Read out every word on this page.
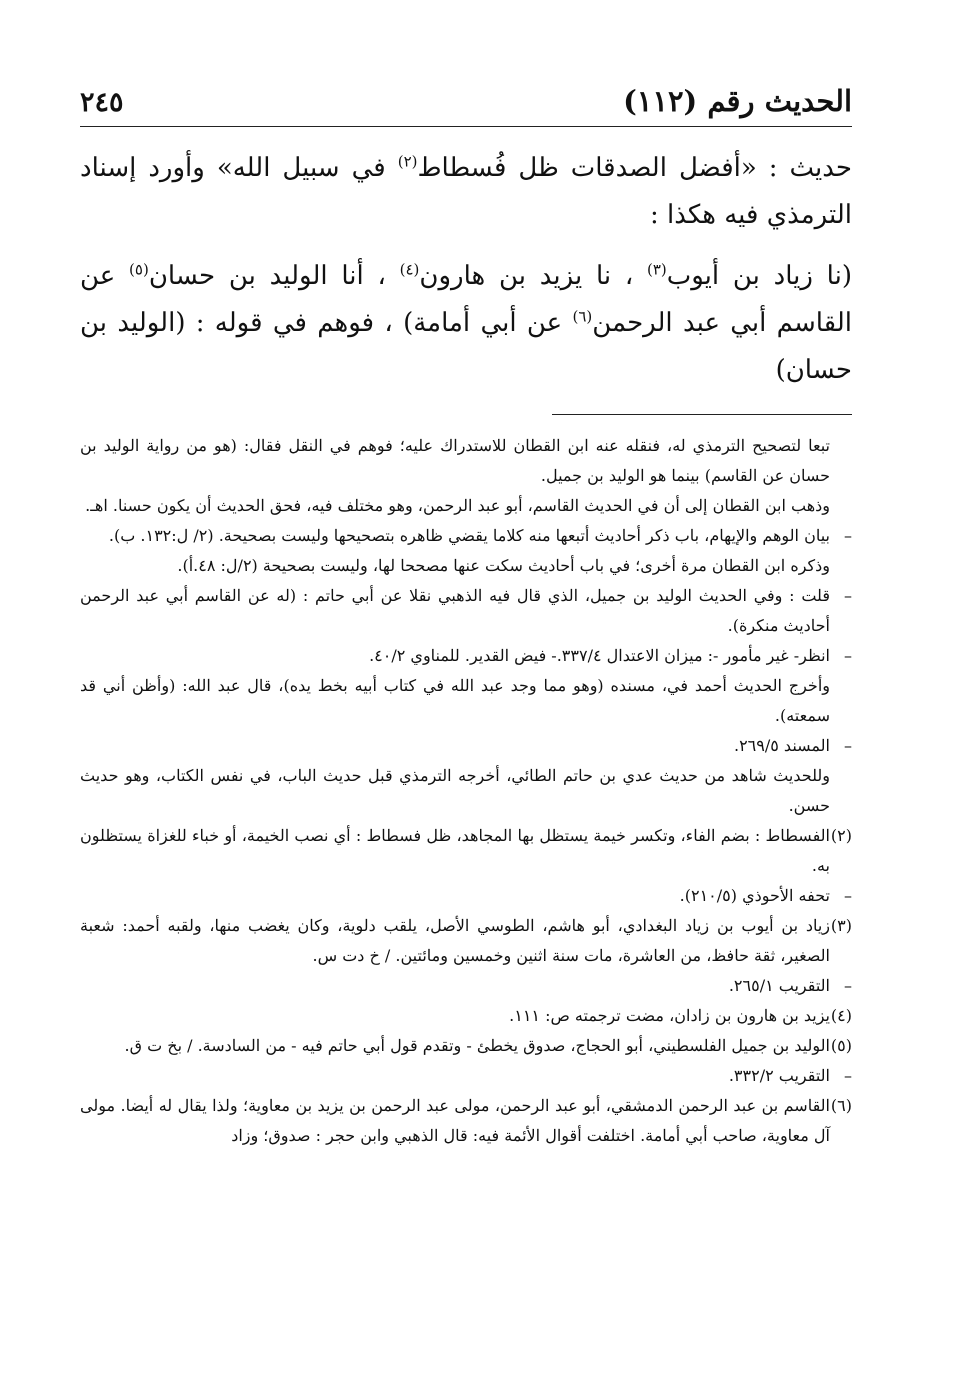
الحديث رقم (١١٢)
٢٤٥

حديث : «أفضل الصدقات ظل فُسطاط$^{(٢)}$ في سبيل الله» وأورد إسناد الترمذي فيه هكذا :

(نا زياد بن أيوب$^{(٣)}$ ، نا يزيد بن هارون$^{(٤)}$ ، أنا الوليد بن حسان$^{(٥)}$ عن القاسم أبي عبد الرحمن$^{(٦)}$ عن أبي أمامة) ، فوهم في قوله : (الوليد بن حسان)

تبعا لتصحيح الترمذي له، فنقله عنه ابن القطان للاستدراك عليه؛ فوهم في النقل فقال: (هو من رواية الوليد بن حسان عن القاسم) بينما هو الوليد بن جميل.
وذهب ابن القطان إلى أن في الحديث القاسم، أبو عبد الرحمن، وهو مختلف فيه، فحق الحديث أن يكون حسنا. اهـ.
–
بيان الوهم والإيهام، باب ذكر أحاديث أتبعها منه كلاما يقضي ظاهره بتصحيحها وليست بصحيحة. (٢/ ل:١٣٢. ب).
وذكره ابن القطان مرة أخرى؛ في باب أحاديث سكت عنها مصححا لها، وليست بصحيحة (٢/ل: ٤٨.أ).
–
قلت : وفي الحديث الوليد بن جميل، الذي قال فيه الذهبي نقلا عن أبي حاتم : (له عن القاسم أبي عبد الرحمن أحاديث منكرة).
–
انظر- غير مأمور -: ميزان الاعتدال ٣٣٧/٤.- فيض القدير. للمناوي ٤٠/٢.
وأخرج الحديث أحمد في، مسنده (وهو مما وجد عبد الله في كتاب أبيه بخط يده)، قال عبد الله: (وأظن أني قد سمعته).
–
المسند ٢٦٩/٥.
وللحديث شاهد من حديث عدي بن حاتم الطائي، أخرجه الترمذي قبل حديث الباب، في نفس الكتاب، وهو حديث حسن.
(٢)
الفسطاط : بضم الفاء، وتكسر خيمة يستظل بها المجاهد، ظل فسطاط : أي نصب الخيمة، أو خباء للغزاة يستظلون به.
–
تحفه الأحوذي (٢١٠/٥).
(٣)
زياد بن أيوب بن زياد البغدادي، أبو هاشم، الطوسي الأصل، يلقب دلوية، وكان يغضب منها، ولقبه أحمد: شعبة الصغير، ثقة حافظ، من العاشرة، مات سنة اثنين وخمسين ومائتين. / خ دت س.
–
التقريب ٢٦٥/١.
(٤)
يزيد بن هارون بن زادان، مضت ترجمته ص: ١١١.
(٥)
الوليد بن جميل الفلسطيني، أبو الحجاج، صدوق يخطئ - وتقدم قول أبي حاتم فيه - من السادسة. / بخ ت ق.
–
التقريب ٣٣٢/٢.
(٦)
القاسم بن عبد الرحمن الدمشقي، أبو عبد الرحمن، مولى عبد الرحمن بن يزيد بن معاوية؛ ولذا يقال له أيضا. مولى آل معاوية، صاحب أبي أمامة. اختلفت أقوال الأئمة فيه: قال الذهبي وابن حجر : صدوق؛ وزاد
